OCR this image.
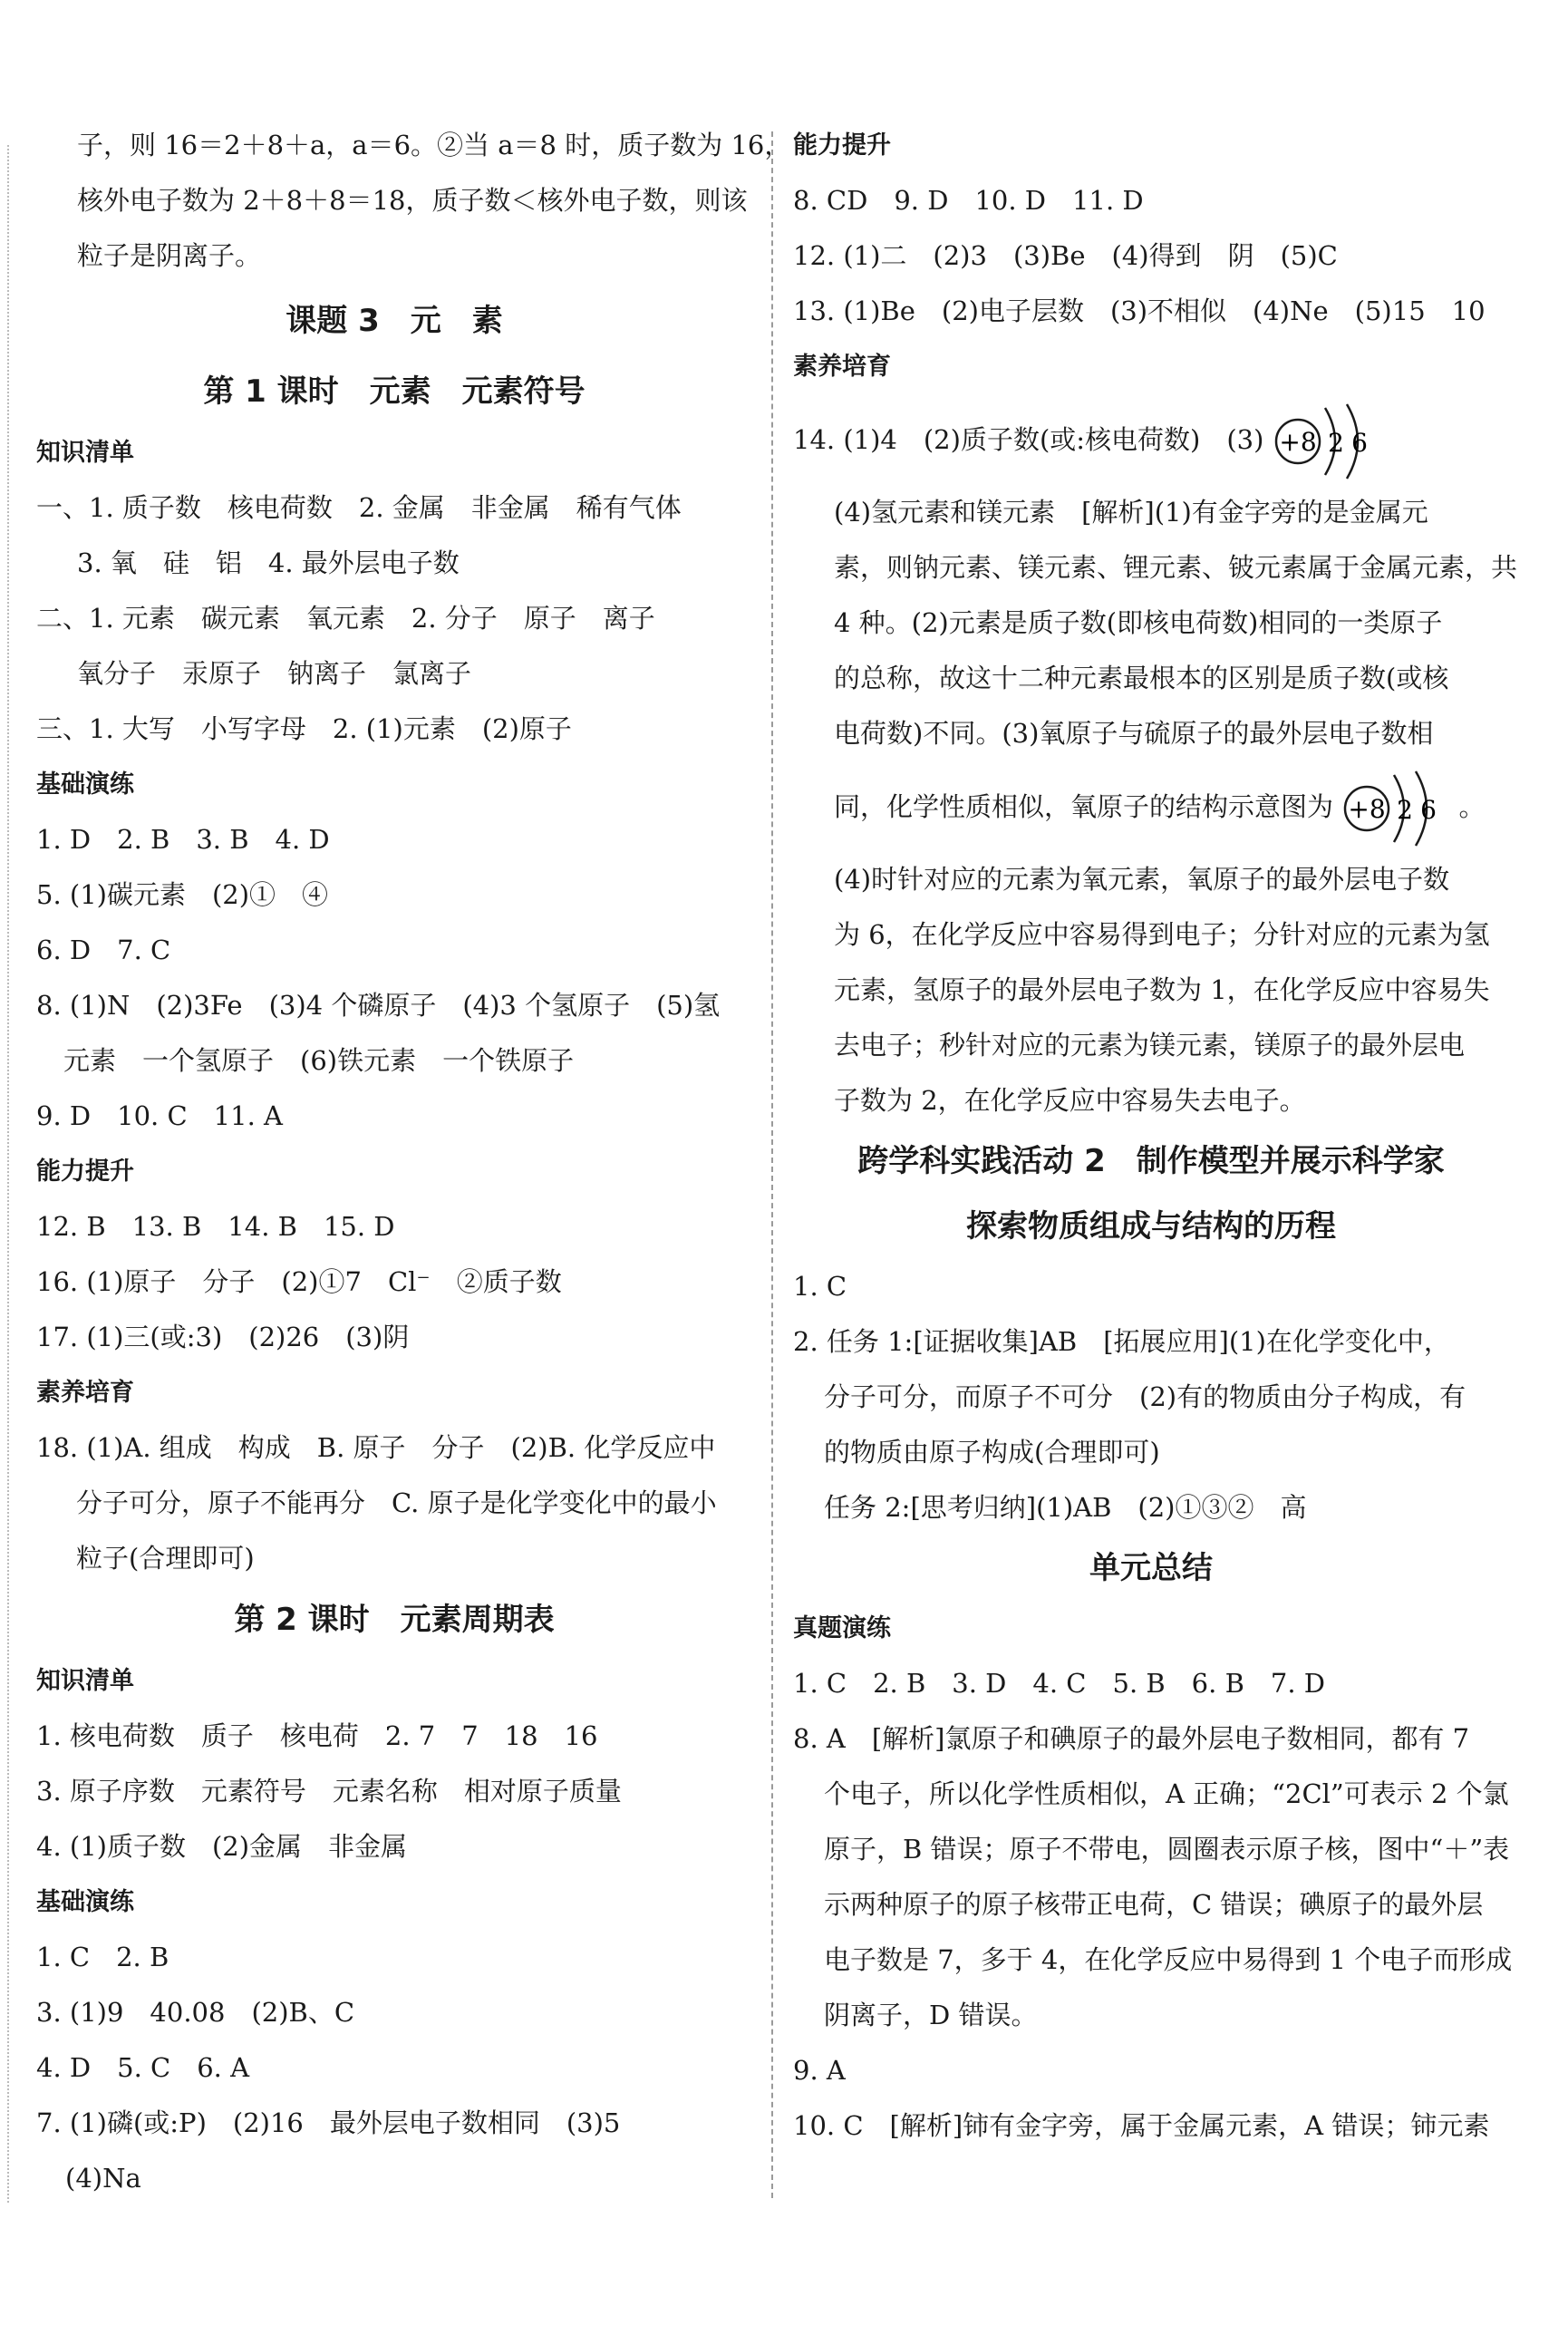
子，则 16＝2＋8＋a，a＝6。②当 a＝8 时，质子数为 16，
核外电子数为 2＋8＋8＝18，质子数＜核外电子数，则该
粒子是阴离子。
课题 3　元　素
第 1 课时　元素　元素符号
知识清单
一、1. 质子数　核电荷数　2. 金属　非金属　稀有气体
3. 氧　硅　铝　4. 最外层电子数
二、1. 元素　碳元素　氧元素　2. 分子　原子　离子
氧分子　汞原子　钠离子　氯离子
三、1. 大写　小写字母　2. (1)元素　(2)原子
基础演练
1. D　2. B　3. B　4. D
5. (1)碳元素　(2)①　④
6. D　7. C
8. (1)N　(2)3Fe　(3)4 个磷原子　(4)3 个氢原子　(5)氢
元素　一个氢原子　(6)铁元素　一个铁原子
9. D　10. C　11. A
能力提升
12. B　13. B　14. B　15. D
16. (1)原子　分子　(2)①7　Cl⁻　②质子数
17. (1)三(或:3)　(2)26　(3)阴
素养培育
18. (1)A. 组成　构成　B. 原子　分子　(2)B. 化学反应中
分子可分，原子不能再分　C. 原子是化学变化中的最小
粒子(合理即可)
第 2 课时　元素周期表
知识清单
1. 核电荷数　质子　核电荷　2. 7　7　18　16
3. 原子序数　元素符号　元素名称　相对原子质量
4. (1)质子数　(2)金属　非金属
基础演练
1. C　2. B
3. (1)9　40.08　(2)B、C
4. D　5. C　6. A
7. (1)磷(或:P)　(2)16　最外层电子数相同　(3)5
(4)Na
能力提升
8. CD　9. D　10. D　11. D
12. (1)二　(2)3　(3)Be　(4)得到　阴　(5)C
13. (1)Be　(2)电子层数　(3)不相似　(4)Ne　(5)15　10
素养培育
14. (1)4　(2)质子数(或:核电荷数)　(3) +8 2 6
(4)氢元素和镁元素　[解析](1)有金字旁的是金属元
素，则钠元素、镁元素、锂元素、铍元素属于金属元素，共
4 种。(2)元素是质子数(即核电荷数)相同的一类原子
的总称，故这十二种元素最根本的区别是质子数(或核
电荷数)不同。(3)氧原子与硫原子的最外层电子数相
同，化学性质相似，氧原子的结构示意图为 +8 2 6 。
(4)时针对应的元素为氧元素，氧原子的最外层电子数
为 6，在化学反应中容易得到电子；分针对应的元素为氢
元素，氢原子的最外层电子数为 1，在化学反应中容易失
去电子；秒针对应的元素为镁元素，镁原子的最外层电
子数为 2，在化学反应中容易失去电子。
跨学科实践活动 2　制作模型并展示科学家
探索物质组成与结构的历程
1. C
2. 任务 1:[证据收集]AB　[拓展应用](1)在化学变化中，
分子可分，而原子不可分　(2)有的物质由分子构成，有
的物质由原子构成(合理即可)
任务 2:[思考归纳](1)AB　(2)①③②　高
单元总结
真题演练
1. C　2. B　3. D　4. C　5. B　6. B　7. D
8. A　[解析]氯原子和碘原子的最外层电子数相同，都有 7
个电子，所以化学性质相似，A 正确；“2Cl”可表示 2 个氯
原子，B 错误；原子不带电，圆圈表示原子核，图中“＋”表
示两种原子的原子核带正电荷，C 错误；碘原子的最外层
电子数是 7，多于 4，在化学反应中易得到 1 个电子而形成
阴离子，D 错误。
9. A
10. C　[解析]铈有金字旁，属于金属元素，A 错误；铈元素
